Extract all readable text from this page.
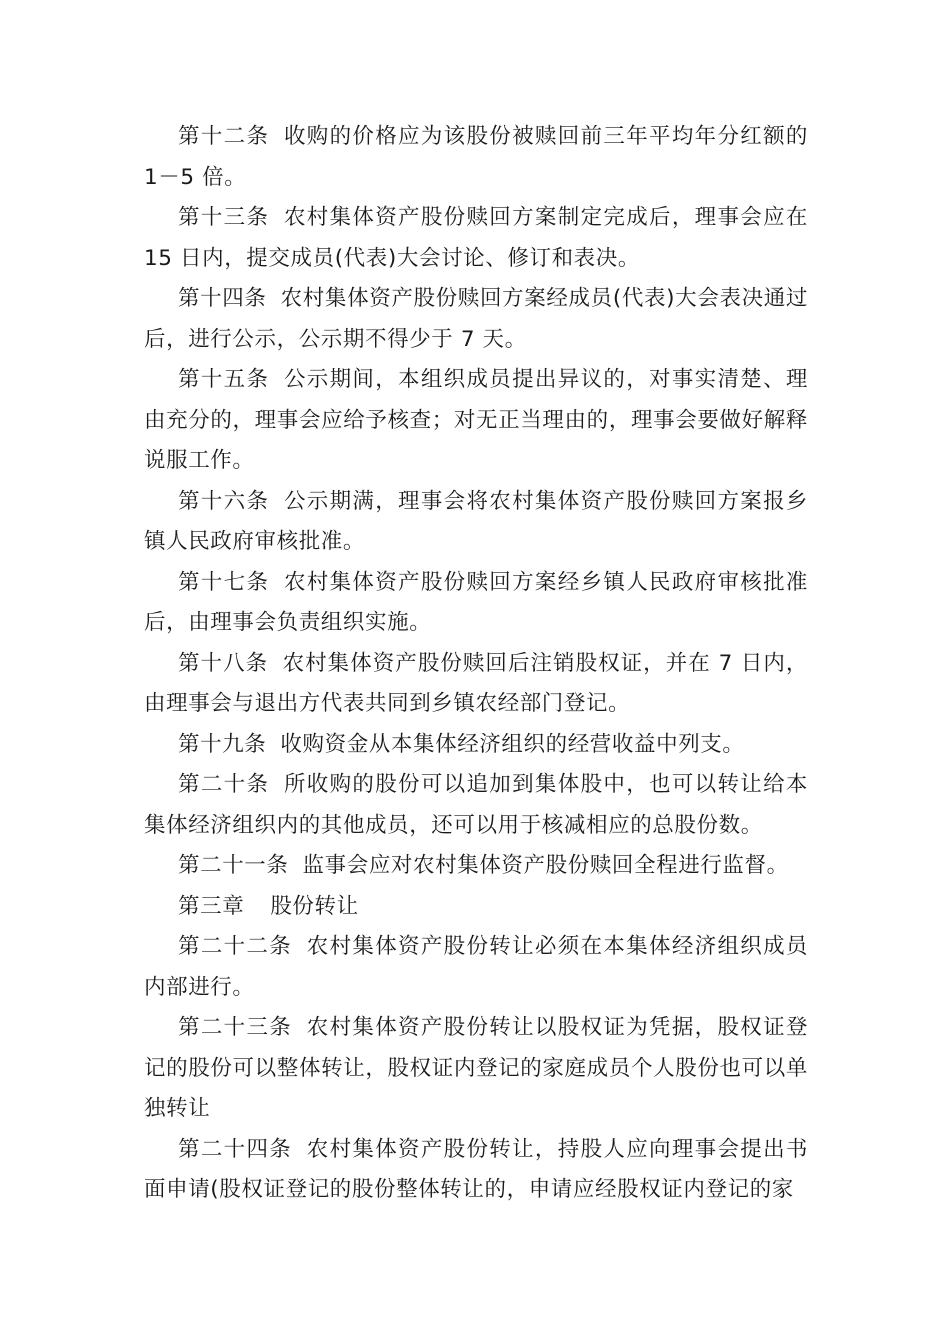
第十二条 收购的价格应为该股份被赎回前三年平均年分红额的 1－5 倍。

第十三条 农村集体资产股份赎回方案制定完成后，理事会应在 15 日内，提交成员(代表)大会讨论、修订和表决。

第十四条 农村集体资产股份赎回方案经成员(代表)大会表决通过后，进行公示，公示期不得少于 7 天。

第十五条 公示期间，本组织成员提出异议的，对事实清楚、理由充分的，理事会应给予核查；对无正当理由的，理事会要做好解释说服工作。

第十六条 公示期满，理事会将农村集体资产股份赎回方案报乡镇人民政府审核批准。

第十七条 农村集体资产股份赎回方案经乡镇人民政府审核批准后，由理事会负责组织实施。

第十八条 农村集体资产股份赎回后注销股权证，并在 7 日内，由理事会与退出方代表共同到乡镇农经部门登记。

第十九条 收购资金从本集体经济组织的经营收益中列支。

第二十条 所收购的股份可以追加到集体股中，也可以转让给本集体经济组织内的其他成员，还可以用于核减相应的总股份数。

第二十一条 监事会应对农村集体资产股份赎回全程进行监督。

第三章 股份转让

第二十二条 农村集体资产股份转让必须在本集体经济组织成员内部进行。

第二十三条 农村集体资产股份转让以股权证为凭据，股权证登记的股份可以整体转让，股权证内登记的家庭成员个人股份也可以单独转让

第二十四条 农村集体资产股份转让，持股人应向理事会提出书面申请(股权证登记的股份整体转让的，申请应经股权证内登记的家
